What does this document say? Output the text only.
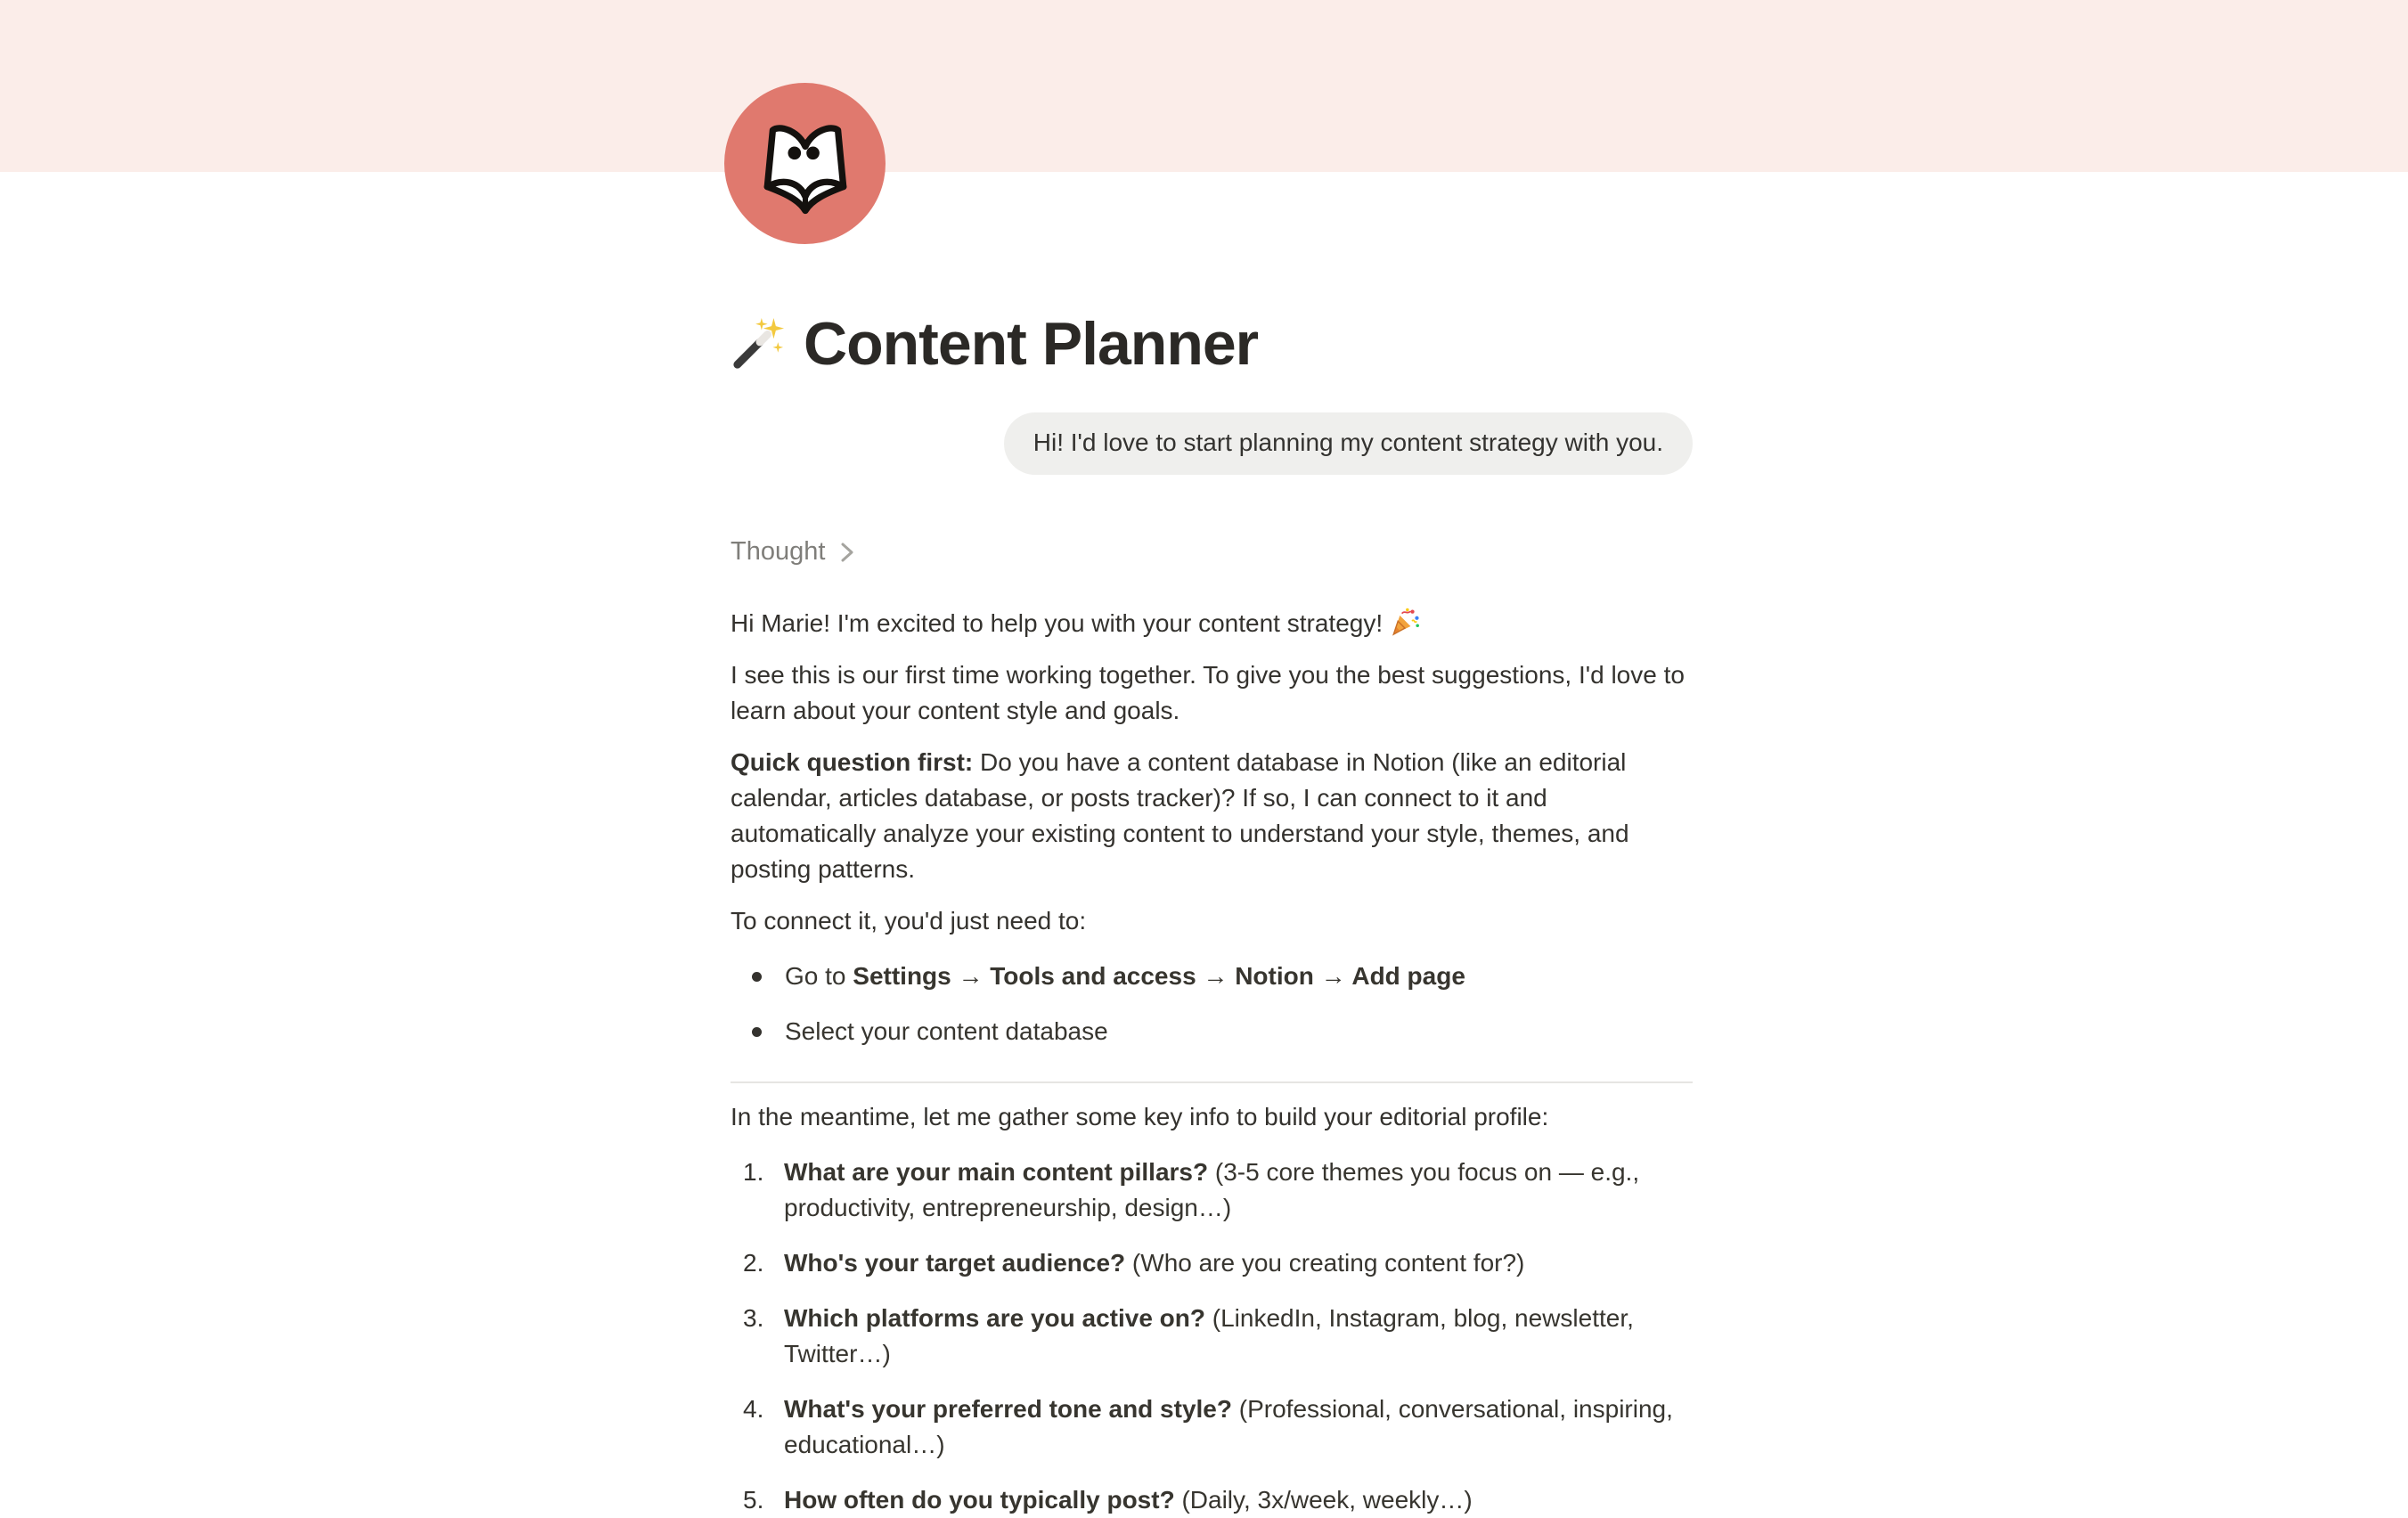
Content Planner
Hi! I'd love to start planning my content strategy with you.
Thought

Hi Marie! I'm excited to help you with your content strategy!

I see this is our first time working together. To give you the best suggestions, I'd love to learn about your content style and goals.

Quick question first: Do you have a content database in Notion (like an editorial calendar, articles database, or posts tracker)? If so, I can connect to it and automatically analyze your existing content to understand your style, themes, and posting patterns.

To connect it, you'd just need to:

Go to Settings → Tools and access → Notion → Add page
Select your content database

In the meantime, let me gather some key info to build your editorial profile:

1. What are your main content pillars? (3-5 core themes you focus on — e.g., productivity, entrepreneurship, design…)
2. Who's your target audience? (Who are you creating content for?)
3. Which platforms are you active on? (LinkedIn, Instagram, blog, newsletter, Twitter…)
4. What's your preferred tone and style? (Professional, conversational, inspiring, educational…)
5. How often do you typically post? (Daily, 3x/week, weekly…)
